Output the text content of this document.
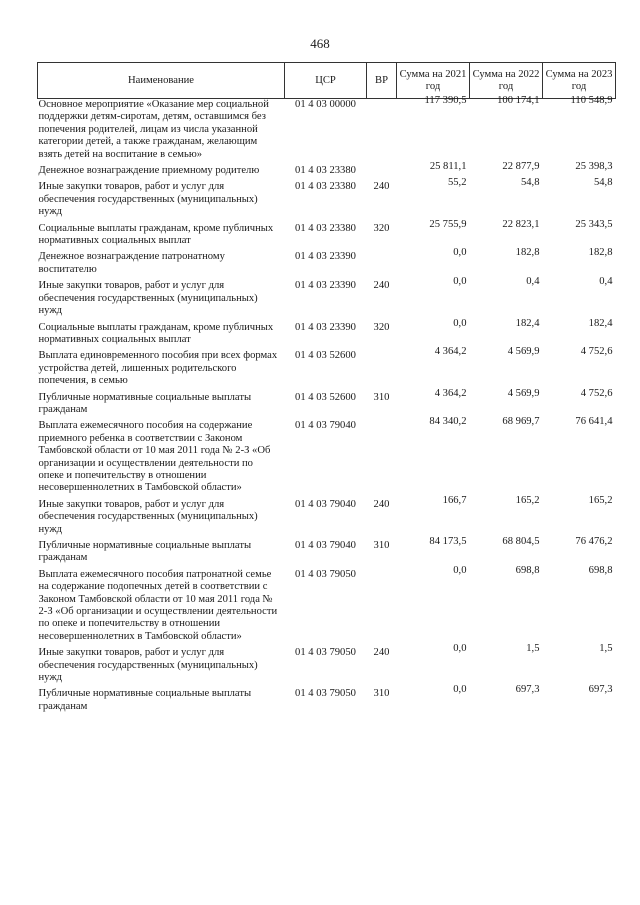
468
Наименование	ЦСР	ВР	Сумма на 2021 год	Сумма на 2022 год	Сумма на 2023 год
Основное мероприятие «Оказание мер социальной поддержки детям-сиротам, детям, оставшимся без попечения родителей, лицам из числа указанной категории детей, а также гражданам, желающим взять детей на воспитание в семью»	01 4 03 00000		117 390,5	100 174,1	110 548,9
Денежное вознаграждение приемному родителю	01 4 03 23380		25 811,1	22 877,9	25 398,3
Иные закупки товаров, работ и услуг для обеспечения государственных (муниципальных) нужд	01 4 03 23380	240	55,2	54,8	54,8
Социальные выплаты гражданам, кроме публичных нормативных социальных выплат	01 4 03 23380	320	25 755,9	22 823,1	25 343,5
Денежное вознаграждение патронатному воспитателю	01 4 03 23390		0,0	182,8	182,8
Иные закупки товаров, работ и услуг для обеспечения государственных (муниципальных) нужд	01 4 03 23390	240	0,0	0,4	0,4
Социальные выплаты гражданам, кроме публичных нормативных социальных выплат	01 4 03 23390	320	0,0	182,4	182,4
Выплата единовременного пособия при всех формах устройства детей, лишенных родительского попечения, в семью	01 4 03 52600		4 364,2	4 569,9	4 752,6
Публичные нормативные социальные выплаты гражданам	01 4 03 52600	310	4 364,2	4 569,9	4 752,6
Выплата ежемесячного пособия на содержание приемного ребенка в соответствии с Законом Тамбовской области от 10 мая 2011 года № 2-З «Об организации и осуществлении деятельности по опеке и попечительству в отношении несовершеннолетних в Тамбовской области»	01 4 03 79040		84 340,2	68 969,7	76 641,4
Иные закупки товаров, работ и услуг для обеспечения государственных (муниципальных) нужд	01 4 03 79040	240	166,7	165,2	165,2
Публичные нормативные социальные выплаты гражданам	01 4 03 79040	310	84 173,5	68 804,5	76 476,2
Выплата ежемесячного пособия патронатной семье на содержание подопечных детей в соответствии с Законом Тамбовской области от 10 мая 2011 года № 2-З «Об организации и осуществлении деятельности по опеке и попечительству в отношении несовершеннолетних в Тамбовской области»	01 4 03 79050		0,0	698,8	698,8
Иные закупки товаров, работ и услуг для обеспечения государственных (муниципальных) нужд	01 4 03 79050	240	0,0	1,5	1,5
Публичные нормативные социальные выплаты гражданам	01 4 03 79050	310	0,0	697,3	697,3
